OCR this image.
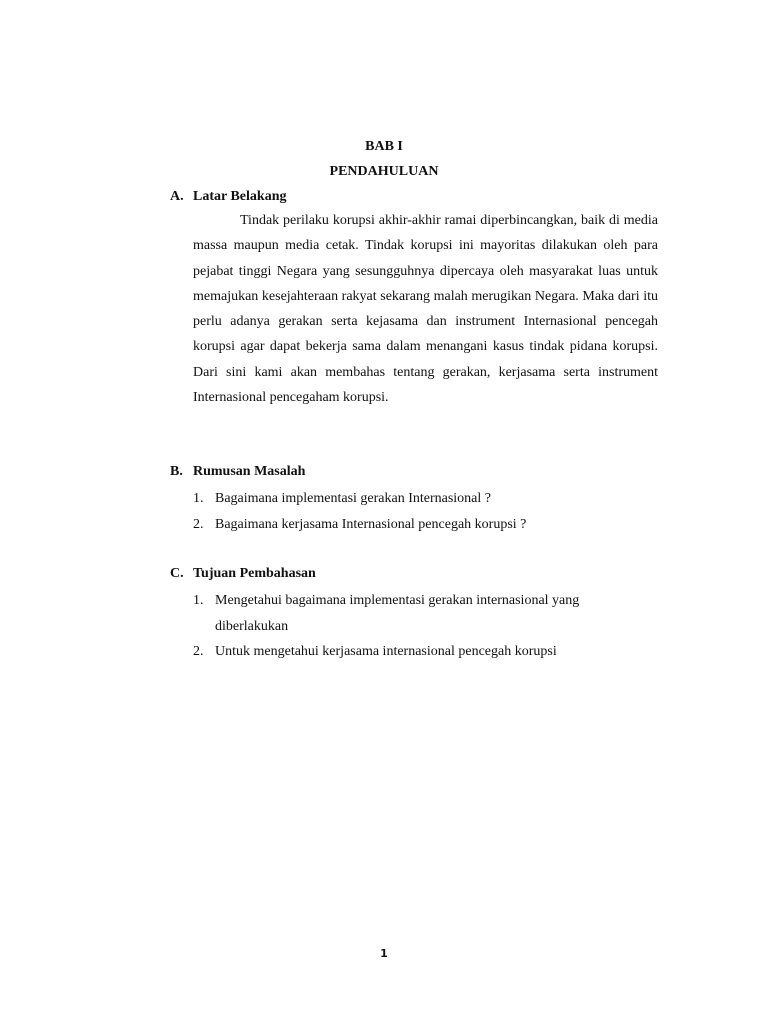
BAB I
PENDAHULUAN
A. Latar Belakang

Tindak perilaku korupsi akhir-akhir ramai diperbincangkan, baik di media massa maupun media cetak. Tindak korupsi ini mayoritas dilakukan oleh para pejabat tinggi Negara yang sesungguhnya dipercaya oleh masyarakat luas untuk memajukan kesejahteraan rakyat sekarang malah merugikan Negara. Maka dari itu perlu adanya gerakan serta kejasama dan instrument Internasional pencegah korupsi agar dapat bekerja sama dalam menangani kasus tindak pidana korupsi. Dari sini kami akan membahas tentang gerakan, kerjasama serta instrument Internasional pencegaham korupsi.

B. Rumusan Masalah
1. Bagaimana implementasi gerakan Internasional ?
2. Bagaimana kerjasama Internasional pencegah korupsi ?
C. Tujuan Pembahasan
1. Mengetahui bagaimana implementasi gerakan internasional yang diberlakukan
2. Untuk mengetahui kerjasama internasional pencegah korupsi
1
